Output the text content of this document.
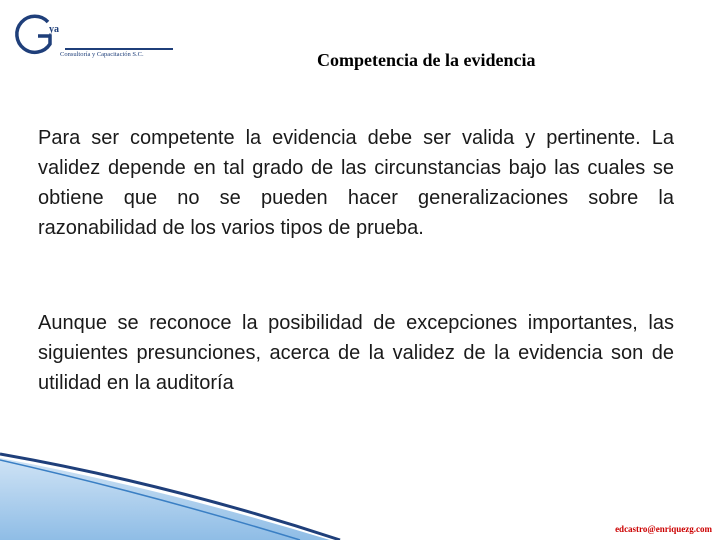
ya
Consultoría y Capacitación S.C.	Competencia de la evidencia

Para ser competente la evidencia debe ser valida y pertinente. La validez depende en tal grado de las circunstancias bajo las cuales se obtiene que no se pueden hacer generalizaciones sobre la razonabilidad de los varios tipos de prueba.

Aunque se reconoce la posibilidad de excepciones importantes, las siguientes presunciones, acerca de la validez de la evidencia son de utilidad en la auditoría

edcastro@enriquezg.com
